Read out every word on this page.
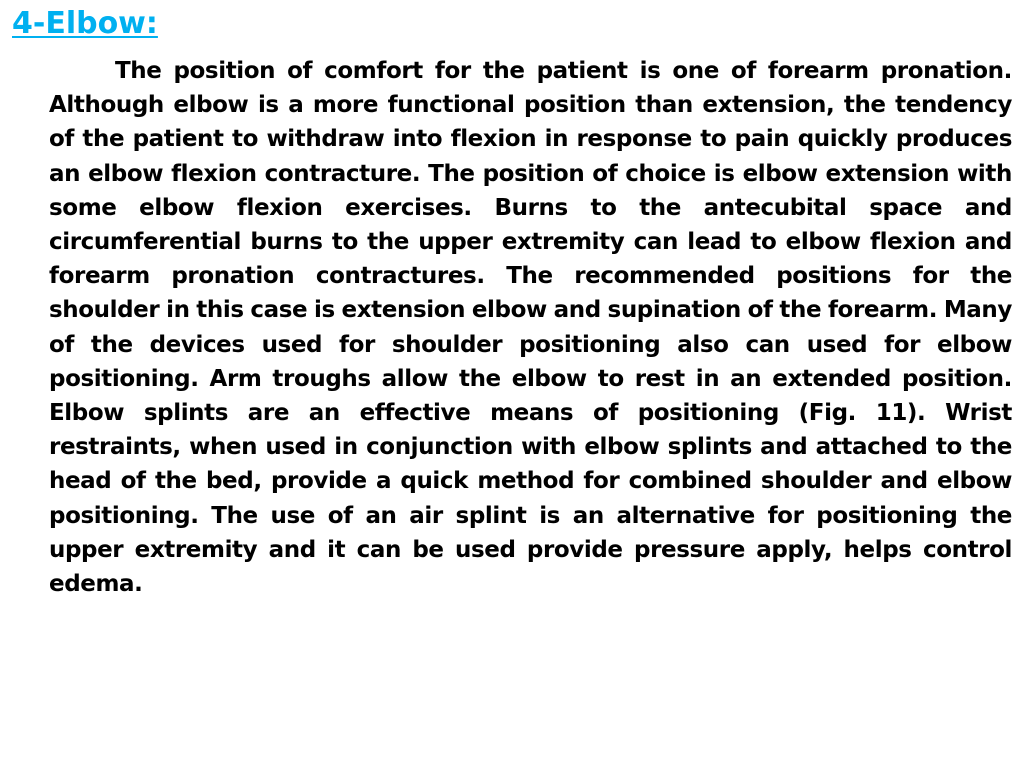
4-Elbow:

The position of comfort for the patient is one of forearm pronation. Although elbow is a more functional position than extension, the tendency of the patient to withdraw into flexion in response to pain quickly produces an elbow flexion contracture. The position of choice is elbow extension with some elbow flexion exercises. Burns to the antecubital space and circumferential burns to the upper extremity can lead to elbow flexion and forearm pronation contractures. The recommended positions for the shoulder in this case is extension elbow and supination of the forearm. Many of the devices used for shoulder positioning also can used for elbow positioning. Arm troughs allow the elbow to rest in an extended position. Elbow splints are an effective means of positioning (Fig. 11). Wrist restraints, when used in conjunction with elbow splints and attached to the head of the bed, provide a quick method for combined shoulder and elbow positioning. The use of an air splint is an alternative for positioning the upper extremity and it can be used provide pressure apply, helps control edema.
